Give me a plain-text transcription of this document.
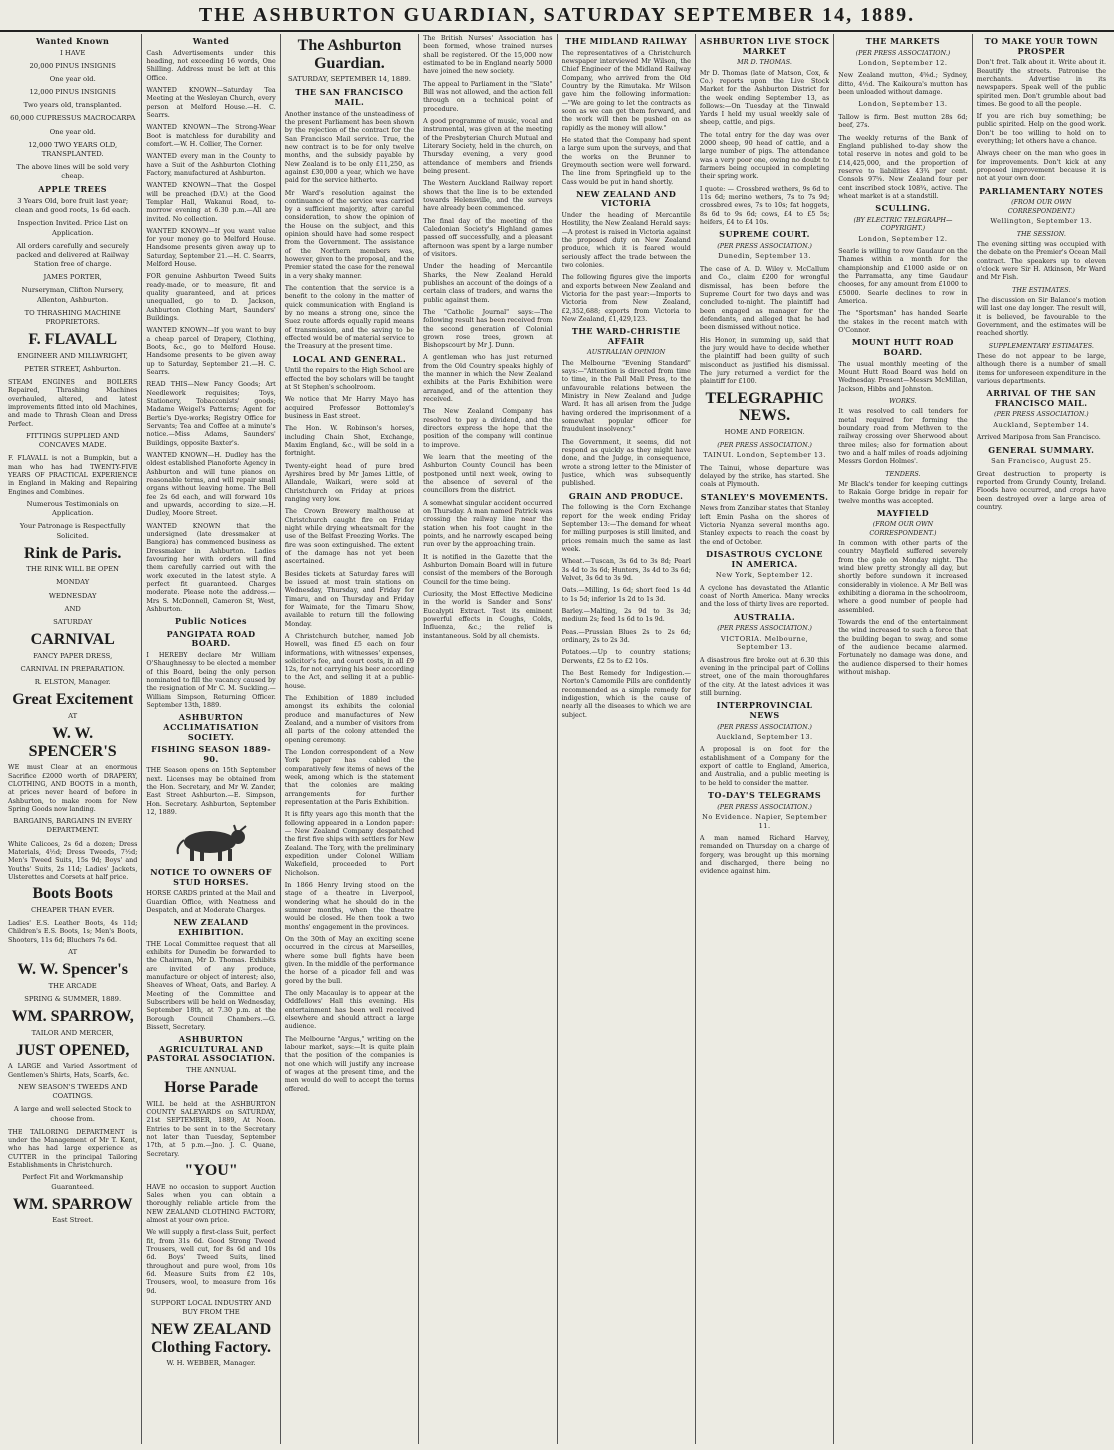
THE ASHBURTON GUARDIAN, SATURDAY SEPTEMBER 14, 1889.
Wanted Known
I HAVE
20,000 PINUS INSIGNIS
One year old.
12,000 PINUS INSIGNIS
Two years old, transplanted.
60,000 CUPRESSUS MACROCARPA
One year old.
12,000 TWO YEARS OLD, TRANSPLANTED.
The above lines will be sold very cheap.
APPLE TREES
3 Years Old, bore fruit last year; clean and good roots, 1s 6d each.
Inspection Invited. Price List on Application.
All orders carefully and securely packed and delivered at Railway Station free of charge.
JAMES PORTER,
Nurseryman, Clifton Nursery, Allenton, Ashburton.
TO THRASHING MACHINE PROPRIETORS.
F. FLAVALL
ENGINEER AND MILLWRIGHT,
PETER STREET, Ashburton.
STEAM ENGINES and BOILERS Repaired, Thrashing Machines overhauled, altered, and latest improvements fitted into old Machines, and made to Thrash Clean and Dress Perfect.
FITTINGS SUPPLIED AND CONCAVES MADE.
F. FLAVALL is not a Bumpkin, but a man who has had TWENTY-FIVE YEARS OF PRACTICAL EXPERIENCE in England in Making and Repairing Engines and Combines.
Numerous Testimonials on Application.
Your Patronage is Respectfully Solicited.
Rink de Paris.
THE RINK WILL BE OPEN
MONDAY
WEDNESDAY
AND
SATURDAY
CARNIVAL
FANCY PAPER DRESS,
CARNIVAL IN PREPARATION.
R. ELSTON, Manager.
Great Excitement
AT
W. W. SPENCER'S
WE must Clear at an enormous Sacrifice £2000 worth of DRAPERY, CLOTHING, AND BOOTS in a month, at prices never heard of before in Ashburton, to make room for New Spring Goods now landing.
BARGAINS, BARGAINS IN EVERY DEPARTMENT.
White Calicoes, 2s 6d a dozen; Dress Materials, 4½d; Dress Tweeds, 7½d; Men's Tweed Suits, 15s 9d; Boys' and Youths' Suits, 2s 11d; Ladies' Jackets, Ulsterettes and Corsets at half price.
Boots Boots
CHEAPER THAN EVER.
Ladies' E.S. Leather Boots, 4s 11d; Children's E.S. Boots, 1s; Men's Boots, Shooters, 11s 6d; Bluchers 7s 6d.
AT
W. W. Spencer's
THE ARCADE
SPRING & SUMMER, 1889.
WM. SPARROW,
TAILOR AND MERCER,
JUST OPENED,
A LARGE and Varied Assortment of Gentlemen's Shirts, Hats, Scarfs, &c.
NEW SEASON'S TWEEDS AND COATINGS.
A large and well selected Stock to choose from.
THE TAILORING DEPARTMENT is under the Management of Mr T. Kent, who has had large experience as CUTTER in the principal Tailoring Establishments in Christchurch.
Perfect Fit and Workmanship Guaranteed.
WM. SPARROW
East Street.
Wanted
Cash Advertisements under this heading, not exceeding 16 words, One Shilling. Address must be left at this Office.
WANTED KNOWN—Saturday Tea Meeting at the Wesleyan Church, every person at Melford House.—H. C. Searrs.
WANTED KNOWN—The Strong-Wear Boot is matchless for durability and comfort.—W. H. Collier, The Corner.
WANTED every man in the County to have a Suit of the Ashburton Clothing Factory, manufactured at Ashburton.
WANTED KNOWN—That the Gospel will be preached (D.V.) at the Good Templar Hall, Wakanui Road, to-morrow evening at 6.30 p.m.—All are invited. No collection.
WANTED KNOWN—If you want value for your money go to Melford House. Handsome presents given away up to Saturday, September 21.—H. C. Searrs, Melford House.
FOR genuine Ashburton Tweed Suits ready-made, or to measure, fit and quality guaranteed, and at prices unequalled, go to D. Jackson, Ashburton Clothing Mart, Saunders' Buildings.
WANTED KNOWN—If you want to buy a cheap parcel of Drapery, Clothing, Boots, &c., go to Melford House. Handsome presents to be given away up to Saturday, September 21.—H. C. Searrs.
READ THIS—New Fancy Goods; Art Needlework requisites; Toys, Stationery, Tobacconists' goods; Madame Weigel's Patterns; Agent for Bertie's Dye-works; Registry Office for Servants; Tea and Coffee at a minute's notice.—Miss Adams, Saunders' Buildings, opposite Baxter's.
WANTED KNOWN—H. Dudley has the oldest established Pianoforte Agency in Ashburton and will tune pianos on reasonable terms, and will repair small organs without leaving home. The Bell fee 2s 6d each, and will forward 10s and upwards, according to size.—H. Dudley, Moore Street.
WANTED KNOWN that the undersigned (late dressmaker at Bangiora) has commenced business as Dressmaker in Ashburton. Ladies favouring her with orders will find them carefully carried out with the work executed in the latest style. A perfect fit guaranteed. Charges moderate. Please note the address.—Mrs S. McDonnell, Cameron St, West, Ashburton.
Public Notices
PANGIPATA ROAD BOARD.
I HEREBY declare Mr William O'Shaughnessy to be elected a member of this Board, being the only person nominated to fill the vacancy caused by the resignation of Mr C. M. Suckling.—William Simpson, Returning Officer. September 13th, 1889.
ASHBURTON ACCLIMATISATION SOCIETY.
FISHING SEASON 1889-90.
THE Season opens on 15th September next. Licenses may be obtained from the Hon. Secretary, and Mr W. Zander, East Street Ashburton.—E. Simpson, Hon. Secretary. Ashburton, September 12, 1889.
NOTICE TO OWNERS OF STUD HORSES.
HORSE CARDS printed at the Mail and Guardian Office, with Neatness and Despatch, and at Moderate Charges.
NEW ZEALAND EXHIBITION.
THE Local Committee request that all exhibits for Dunedin be forwarded to the Chairman, Mr D. Thomas. Exhibits are invited of any produce, manufacture or object of interest; also, Sheaves of Wheat, Oats, and Barley. A Meeting of the Committee and Subscribers will be held on Wednesday, September 18th, at 7.30 p.m. at the Borough Council Chambers.—G. Bissett, Secretary.
ASHBURTON AGRICULTURAL AND PASTORAL ASSOCIATION.
THE ANNUAL
Horse Parade
WILL be held at the ASHBURTON COUNTY SALEYARDS on SATURDAY, 21st SEPTEMBER, 1889, At Noon. Entries to be sent in to the Secretary not later than Tuesday, September 17th, at 5 p.m.—Jno. J. C. Quane, Secretary.
"YOU"
HAVE no occasion to support Auction Sales when you can obtain a thoroughly reliable article from the NEW ZEALAND CLOTHING FACTORY, almost at your own price.
We will supply a first-class Suit, perfect fit, from 31s 6d. Good Strong Tweed Trousers, well cut, for 8s 6d and 10s 6d. Boys' Tweed Suits, lined throughout and pure wool, from 10s 6d. Measure Suits from £2 10s, Trousers, wool, to measure from 16s 9d.
SUPPORT LOCAL INDUSTRY AND BUY FROM THE
NEW ZEALAND Clothing Factory.
W. H. WEBBER, Manager.
The Ashburton Guardian.
SATURDAY, SEPTEMBER 14, 1889.
THE SAN FRANCISCO MAIL.
Another instance of the unsteadiness of the present Parliament has been shown by the rejection of the contract for the San Francisco Mail service. True, the new contract is to be for only twelve months, and the subsidy payable by New Zealand is to be only £11,250, as against £30,000 a year, which we have paid for the service hitherto.
Mr Ward's resolution against the continuance of the service was carried by a sufficient majority, after careful consideration, to show the opinion of the House on the subject, and this opinion should have had some respect from the Government. The assistance of the Northern members was, however, given to the proposal, and the Premier stated the case for the renewal in a very shaky manner.
The contention that the service is a benefit to the colony in the matter of quick communication with England is by no means a strong one, since the Suez route affords equally rapid means of transmission, and the saving to be effected would be of material service to the Treasury at the present time.
LOCAL AND GENERAL.
Until the repairs to the High School are effected the boy scholars will be taught at St Stephen's schoolroom.
We notice that Mr Harry Mayo has acquired Professor Bottomley's business in East street.
The Hon. W. Robinson's horses, including Chain Shot, Exchange, Maxim England, &c., will be sold in a fortnight.
Twenty-eight head of pure bred Ayrshires bred by Mr James Little, of Allandale, Waikari, were sold at Christchurch on Friday at prices ranging very low.
The Crown Brewery malthouse at Christchurch caught fire on Friday night while drying wheatsmalt for the use of the Belfast Freezing Works. The fire was soon extinguished. The extent of the damage has not yet been ascertained.
Besides tickets at Saturday fares will be issued at most train stations on Wednesday, Thursday, and Friday for Timaru, and on Thursday and Friday for Waimate, for the Timaru Show, available to return till the following Monday.
A Christchurch butcher, named Job Howell, was fined £5 each on four informations, with witnesses' expenses, solicitor's fee, and court costs, in all £9 12s, for not carrying his beer according to the Act, and selling it at a public-house.
The Exhibition of 1889 included amongst its exhibits the colonial produce and manufactures of New Zealand, and a number of visitors from all parts of the colony attended the opening ceremony.
The London correspondent of a New York paper has cabled the comparatively few items of news of the week, among which is the statement that the colonies are making arrangements for further representation at the Paris Exhibition.
It is fifty years ago this month that the following appeared in a London paper:— New Zealand Company despatched the first five ships with settlers for New Zealand. The Tory, with the preliminary expedition under Colonel William Wakefield, proceeded to Port Nicholson.
In 1866 Henry Irving stood on the stage of a theatre in Liverpool, wondering what he should do in the summer months, when the theatre would be closed. He then took a two months' engagement in the provinces.
On the 30th of May an exciting scene occurred in the circus at Marseilles, where some bull fights have been given. In the middle of the performance the horse of a picador fell and was gored by the bull.
The only Macaulay is to appear at the Oddfellows' Hall this evening. His entertainment has been well received elsewhere and should attract a large audience.
The Melbourne "Argus," writing on the labour market, says:—It is quite plain that the position of the companies is not one which will justify any increase of wages at the present time, and the men would do well to accept the terms offered.
The British Nurses' Association has been formed, whose trained nurses shall be registered. Of the 15,000 now estimated to be in England nearly 5000 have joined the new society.
The appeal to Parliament in the "Slate" Bill was not allowed, and the action fell through on a technical point of procedure.
A good programme of music, vocal and instrumental, was given at the meeting of the Presbyterian Church Mutual and Literary Society, held in the church, on Thursday evening, a very good attendance of members and friends being present.
The Western Auckland Railway report shows that the line is to be extended towards Helensville, and the surveys have already been commenced.
The final day of the meeting of the Caledonian Society's Highland games passed off successfully, and a pleasant afternoon was spent by a large number of visitors.
Under the heading of Mercantile Sharks, the New Zealand Herald publishes an account of the doings of a certain class of traders, and warns the public against them.
The "Catholic Journal" says:—The following result has been received from the second generation of Colonial grown rose trees, grown at Bishopscourt by Mr J. Dunn.
A gentleman who has just returned from the Old Country speaks highly of the manner in which the New Zealand exhibits at the Paris Exhibition were arranged, and of the attention they received.
The New Zealand Company has resolved to pay a dividend, and the directors express the hope that the position of the company will continue to improve.
We learn that the meeting of the Ashburton County Council has been postponed until next week, owing to the absence of several of the councillors from the district.
A somewhat singular accident occurred on Thursday. A man named Patrick was crossing the railway line near the station when his foot caught in the points, and he narrowly escaped being run over by the approaching train.
It is notified in the Gazette that the Ashburton Domain Board will in future consist of the members of the Borough Council for the time being.
Curiosity, the Most Effective Medicine in the world is Sander and Sons' Eucalypti Extract. Test its eminent powerful effects in Coughs, Colds, Influenza, &c.; the relief is instantaneous. Sold by all chemists.
THE MIDLAND RAILWAY
The representatives of a Christchurch newspaper interviewed Mr Wilson, the Chief Engineer of the Midland Railway Company, who arrived from the Old Country by the Rimutaka. Mr Wilson gave him the following information:—"We are going to let the contracts as soon as we can get them forward, and the work will then be pushed on as rapidly as the money will allow."
He stated that the Company had spent a large sum upon the surveys, and that the works on the Brunner to Greymouth section were well forward. The line from Springfield up to the Cass would be put in hand shortly.
NEW ZEALAND AND VICTORIA
Under the heading of Mercantile Hostility, the New Zealand Herald says:—A protest is raised in Victoria against the proposed duty on New Zealand produce, which it is feared would seriously affect the trade between the two colonies.
The following figures give the imports and exports between New Zealand and Victoria for the past year:—Imports to Victoria from New Zealand, £2,352,688; exports from Victoria to New Zealand, £1,429,123.
THE WARD-CHRISTIE AFFAIR
AUSTRALIAN OPINION
The Melbourne "Evening Standard" says:—"Attention is directed from time to time, in the Pall Mall Press, to the unfavourable relations between the Ministry in New Zealand and Judge Ward. It has all arisen from the Judge having ordered the imprisonment of a somewhat popular officer for fraudulent insolvency."
The Government, it seems, did not respond as quickly as they might have done, and the Judge, in consequence, wrote a strong letter to the Minister of Justice, which was subsequently published.
GRAIN AND PRODUCE.
The following is the Corn Exchange report for the week ending Friday September 13:—The demand for wheat for milling purposes is still limited, and prices remain much the same as last week.
Wheat.—Tuscan, 3s 6d to 3s 8d; Pearl 3s 4d to 3s 6d; Hunters, 3s 4d to 3s 6d; Velvet, 3s 6d to 3s 9d.
Oats.—Milling, 1s 6d; short feed 1s 4d to 1s 5d; inferior 1s 2d to 1s 3d.
Barley.—Malting, 2s 9d to 3s 3d; medium 2s; feed 1s 6d to 1s 9d.
Peas.—Prussian Blues 2s to 2s 6d; ordinary, 2s to 2s 3d.
Potatoes.—Up to country stations; Derwents, £2 5s to £2 10s.
The Best Remedy for Indigestion.—Norton's Camomile Pills are confidently recommended as a simple remedy for indigestion, which is the cause of nearly all the diseases to which we are subject.
ASHBURTON LIVE STOCK MARKET
MR D. THOMAS.
Mr D. Thomas (late of Matson, Cox, & Co.) reports upon the Live Stock Market for the Ashburton District for the week ending September 13, as follows:—On Tuesday at the Tinwald Yards I held my usual weekly sale of sheep, cattle, and pigs.
The total entry for the day was over 2000 sheep, 90 head of cattle, and a large number of pigs. The attendance was a very poor one, owing no doubt to farmers being occupied in completing their spring work.
I quote: — Crossbred wethers, 9s 6d to 11s 6d; merino wethers, 7s to 7s 9d; crossbred ewes, 7s to 10s; fat hoggets, 8s 6d to 9s 6d; cows, £4 to £5 5s; heifers, £4 to £4 10s.
SUPREME COURT.
(PER PRESS ASSOCIATION.)
Dunedin, September 13.
The case of A. D. Wiley v. McCallum and Co., claim £200 for wrongful dismissal, has been before the Supreme Court for two days and was concluded to-night. The plaintiff had been engaged as manager for the defendants, and alleged that he had been dismissed without notice.
His Honor, in summing up, said that the jury would have to decide whether the plaintiff had been guilty of such misconduct as justified his dismissal. The jury returned a verdict for the plaintiff for £100.
TELEGRAPHIC NEWS.
HOME AND FOREIGN.
(PER PRESS ASSOCIATION.)
TAINUI. London, September 13.
The Tainui, whose departure was delayed by the strike, has started. She coals at Plymouth.
STANLEY'S MOVEMENTS.
News from Zanzibar states that Stanley left Emin Pasha on the shores of Victoria Nyanza several months ago. Stanley expects to reach the coast by the end of October.
DISASTROUS CYCLONE IN AMERICA.
New York, September 12.
A cyclone has devastated the Atlantic coast of North America. Many wrecks and the loss of thirty lives are reported.
AUSTRALIA.
(PER PRESS ASSOCIATION.)
VICTORIA. Melbourne, September 13.
A disastrous fire broke out at 6.30 this evening in the principal part of Collins street, one of the main thoroughfares of the city. At the latest advices it was still burning.
INTERPROVINCIAL NEWS
(PER PRESS ASSOCIATION.)
Auckland, September 13.
A proposal is on foot for the establishment of a Company for the export of cattle to England, America, and Australia, and a public meeting is to be held to consider the matter.
TO-DAY'S TELEGRAMS
(PER PRESS ASSOCIATION.)
No Evidence. Napier, September 11.
A man named Richard Harvey, remanded on Thursday on a charge of forgery, was brought up this morning and discharged, there being no evidence against him.
THE MARKETS
(PER PRESS ASSOCIATION.)
London, September 12.
New Zealand mutton, 4⅝d.; Sydney, ditto, 4½d. The Kaikoura's mutton has been unloaded without damage.
London, September 13.
Tallow is firm. Best mutton 28s 6d; beef, 27s.
The weekly returns of the Bank of England published to-day show the total reserve in notes and gold to be £14,425,000, and the proportion of reserve to liabilities 43¾ per cent. Consols 97⅝. New Zealand four per cent inscribed stock 108¾, active. The wheat market is at a standstill.
SCULLING.
(BY ELECTRIC TELEGRAPH—COPYRIGHT.)
London, September 12.
Searle is willing to row Gaudaur on the Thames within a month for the championship and £1000 aside or on the Parramatta, any time Gaudaur chooses, for any amount from £1000 to £5000. Searle declines to row in America.
The "Sportsman" has handed Searle the stakes in the recent match with O'Connor.
MOUNT HUTT ROAD BOARD.
The usual monthly meeting of the Mount Hutt Road Board was held on Wednesday. Present—Messrs McMillan, Jackson, Hibbs and Johnston.
WORKS.
It was resolved to call tenders for metal required for forming the boundary road from Methven to the railway crossing over Sherwood about three miles; also for formation about two and a half miles of roads adjoining Messrs Gordon Holmes'.
TENDERS.
Mr Black's tender for keeping cuttings to Rakaia Gorge bridge in repair for twelve months was accepted.
MAYFIELD
(FROM OUR OWN CORRESPONDENT.)
In common with other parts of the country Mayfield suffered severely from the gale on Monday night. The wind blew pretty strongly all day, but shortly before sundown it increased considerably in violence. A Mr Bell was exhibiting a diorama in the schoolroom, where a good number of people had assembled.
Towards the end of the entertainment the wind increased to such a force that the building began to sway, and some of the audience became alarmed. Fortunately no damage was done, and the audience dispersed to their homes without mishap.
TO MAKE YOUR TOWN PROSPER
Don't fret. Talk about it. Write about it. Beautify the streets. Patronise the merchants. Advertise in its newspapers. Speak well of the public spirited men. Don't grumble about bad times. Be good to all the people.
If you are rich buy something; be public spirited. Help on the good work. Don't be too willing to hold on to everything; let others have a chance.
Always cheer on the man who goes in for improvements. Don't kick at any proposed improvement because it is not at your own door.
PARLIAMENTARY NOTES
(FROM OUR OWN CORRESPONDENT.)
Wellington, September 13.
THE SESSION.
The evening sitting was occupied with the debate on the Premier's Ocean Mail contract. The speakers up to eleven o'clock were Sir H. Atkinson, Mr Ward and Mr Fish.
THE ESTIMATES.
The discussion on Sir Balance's motion will last one day longer. The result will, it is believed, be favourable to the Government, and the estimates will be reached shortly.
SUPPLEMENTARY ESTIMATES.
These do not appear to be large, although there is a number of small items for unforeseen expenditure in the various departments.
ARRIVAL OF THE SAN FRANCISCO MAIL.
(PER PRESS ASSOCIATION.)
Auckland, September 14.
Arrived Mariposa from San Francisco.
GENERAL SUMMARY.
San Francisco, August 25.
Great destruction to property is reported from Grundy County, Ireland. Floods have occurred, and crops have been destroyed over a large area of country.
